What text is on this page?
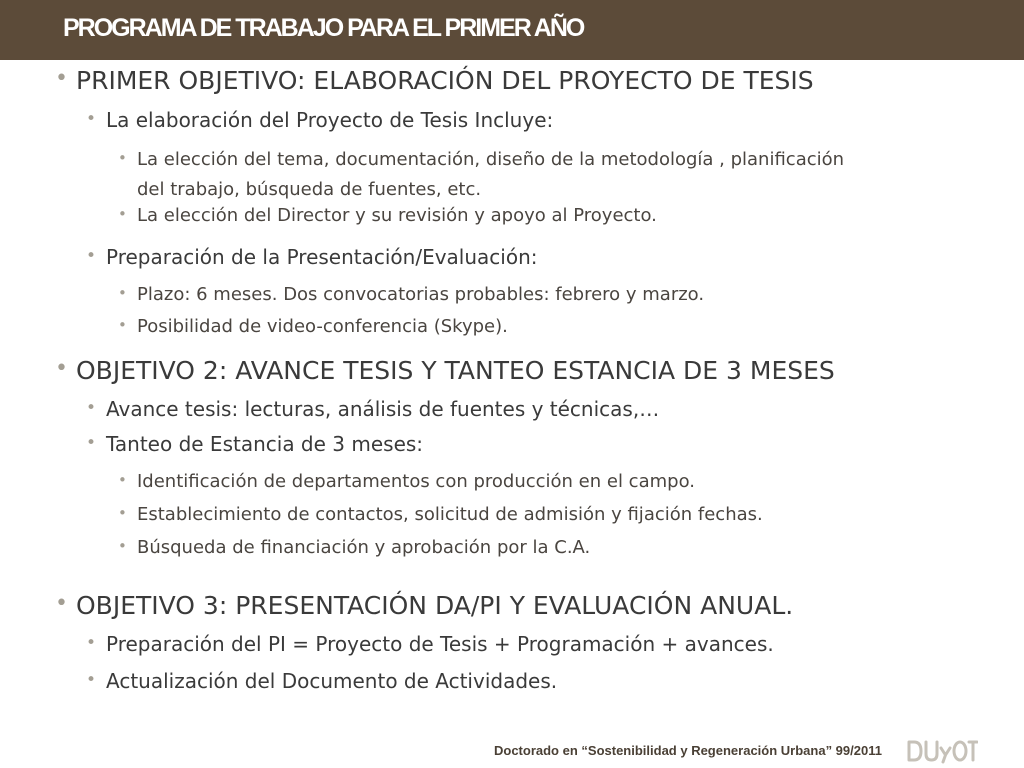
PROGRAMA DE TRABAJO PARA EL PRIMER AÑO
• PRIMER OBJETIVO: ELABORACIÓN DEL PROYECTO DE TESIS
• La elaboración del Proyecto de Tesis Incluye:
• La elección del tema, documentación, diseño de la metodología , planificación
del trabajo, búsqueda de fuentes, etc.
• La elección del Director y su revisión y apoyo al Proyecto.
• Preparación de la Presentación/Evaluación:
• Plazo: 6 meses. Dos convocatorias probables: febrero y marzo.
• Posibilidad de video-conferencia (Skype).
• OBJETIVO 2: AVANCE TESIS Y TANTEO ESTANCIA DE 3 MESES
• Avance tesis: lecturas, análisis de fuentes y técnicas,…
• Tanteo de Estancia de 3 meses:
• Identificación de departamentos con producción en el campo.
• Establecimiento de contactos, solicitud de admisión y fijación fechas.
• Búsqueda de financiación y aprobación por la C.A.
• OBJETIVO 3: PRESENTACIÓN DA/PI Y EVALUACIÓN ANUAL.
• Preparación del PI = Proyecto de Tesis + Programación + avances.
• Actualización del Documento de Actividades.
Doctorado en “Sostenibilidad y Regeneración Urbana” 99/2011
